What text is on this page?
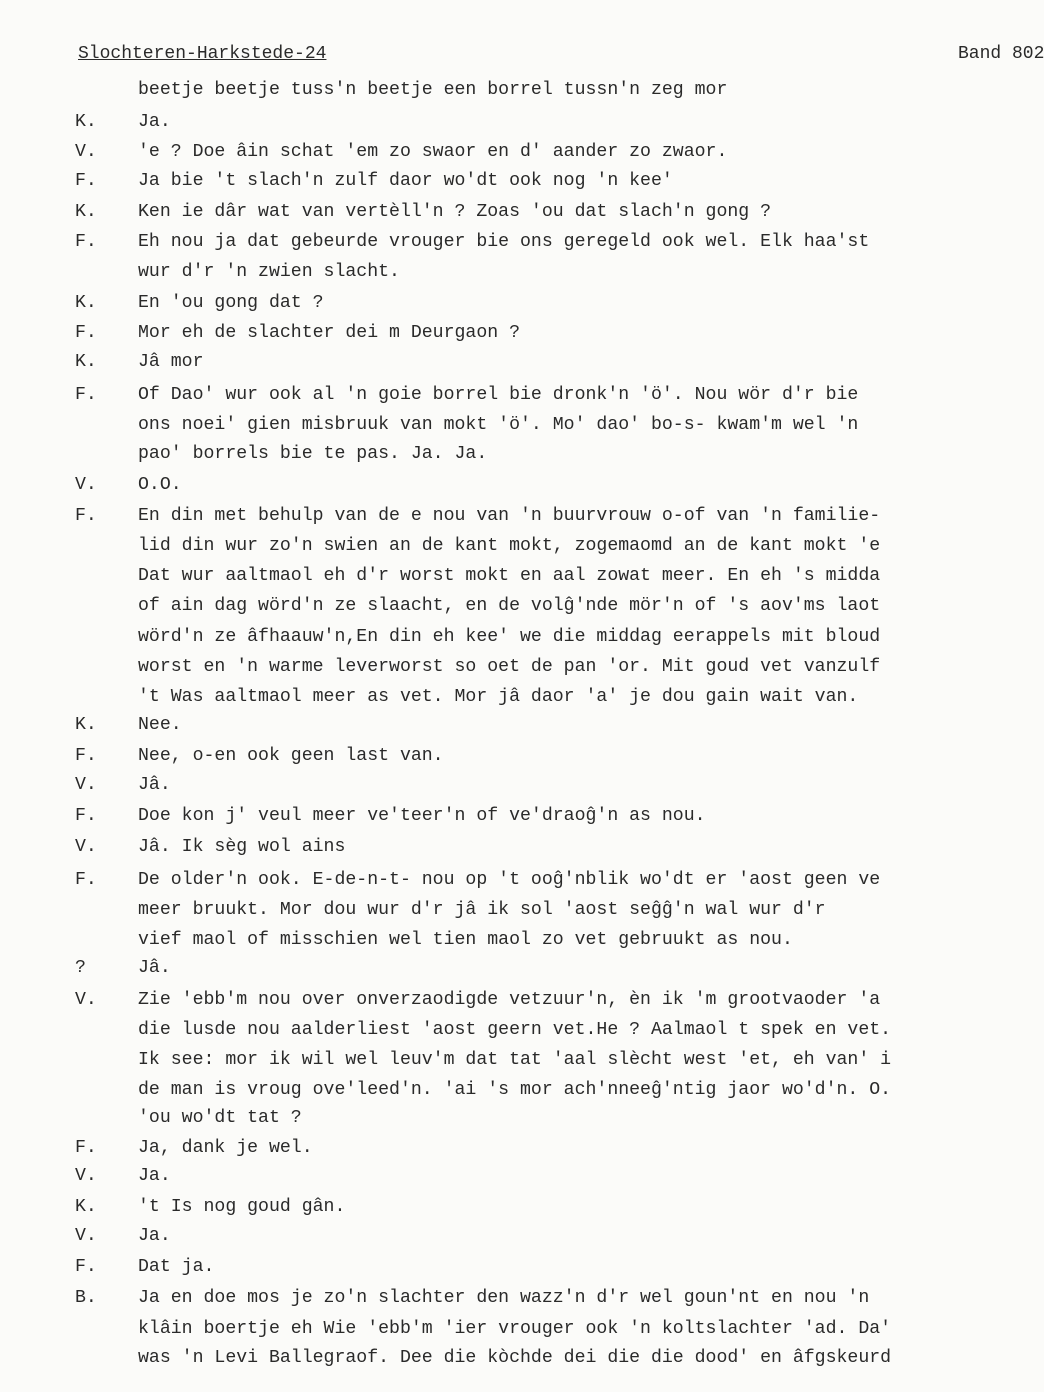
Slochteren-Harkstede-24	Band 802
beetje beetje tuss'n beetje een borrel tussn'n zeg mor
K. Ja.
V. 'e ? Doe âin schat 'em zo swaor en d' aander zo zwaor.
F. Ja bie 't slach'n zulf daor wo'dt ook nog 'n kee'
K. Ken ie dâr wat van vertèll'n ? Zoas 'ou dat slach'n gong ?
F. Eh nou ja dat gebeurde vrouger bie ons geregeld ook wel. Elk haa'st
wur d'r 'n zwien slacht.
K. En 'ou gong dat ?
F. Mor eh de slachter dei m Deurgaon ?
K. Jâ mor
F. Of Dao' wur ook al 'n goie borrel bie dronk'n 'ö'. Nou wör d'r bie
ons noei' gien misbruuk van mokt 'ö'. Mo' dao' bo-s- kwam'm wel 'n
pao' borrels bie te pas. Ja. Ja.
V. O.O.
F. En din met behulp van de e nou van 'n buurvrouw o-of van 'n familie-
lid din wur zo'n swien an de kant mokt, zogemaomd an de kant mokt 'e
Dat wur aaltmaol eh d'r worst mokt en aal zowat meer. En eh 's midda
of ain dag wörd'n ze slaacht, en de volĝ'nde mör'n of 's aov'ms laot
wörd'n ze âfhaauw'n,En din eh kee' we die middag eerappels mit bloud
worst en 'n warme leverworst so oet de pan 'or. Mit goud vet vanzulf
't Was aaltmaol meer as vet. Mor jâ daor 'a' je dou gain wait van.
K. Nee.
F. Nee, o-en ook geen last van.
V. Jâ.
F. Doe kon j' veul meer ve'teer'n of ve'draoĝ'n as nou.
V. Jâ. Ik sèg wol ains
F. De older'n ook. E-de-n-t- nou op 't ooĝ'nblik wo'dt er 'aost geen ve
meer bruukt. Mor dou wur d'r jâ ik sol 'aost seĝĝ'n wal wur d'r
vief maol of misschien wel tien maol zo vet gebruukt as nou.
?	Jâ.
V. Zie 'ebb'm nou over onverzaodigde vetzuur'n, èn ik 'm grootvaoder 'a
die lusde nou aalderliest 'aost geern vet.He ? Aalmaol t spek en vet.
Ik see: mor ik wil wel leuv'm dat tat 'aal slècht west 'et, eh van' i
de man is vroug ove'leed'n. 'ai 's mor ach'nneeĝ'ntig jaor wo'd'n. O.
'ou wo'dt tat ?
F. Ja, dank je wel.
V. Ja.
K. 't Is nog goud gân.
V. Ja.
F. Dat ja.
B. Ja en doe mos je zo'n slachter den wazz'n d'r wel goun'nt en nou 'n
klâin boertje eh Wie 'ebb'm 'ier vrouger ook 'n koltslachter 'ad. Da'
was 'n Levi Ballegraof. Dee die kòchde dei die die dood' en âfgskeurd
